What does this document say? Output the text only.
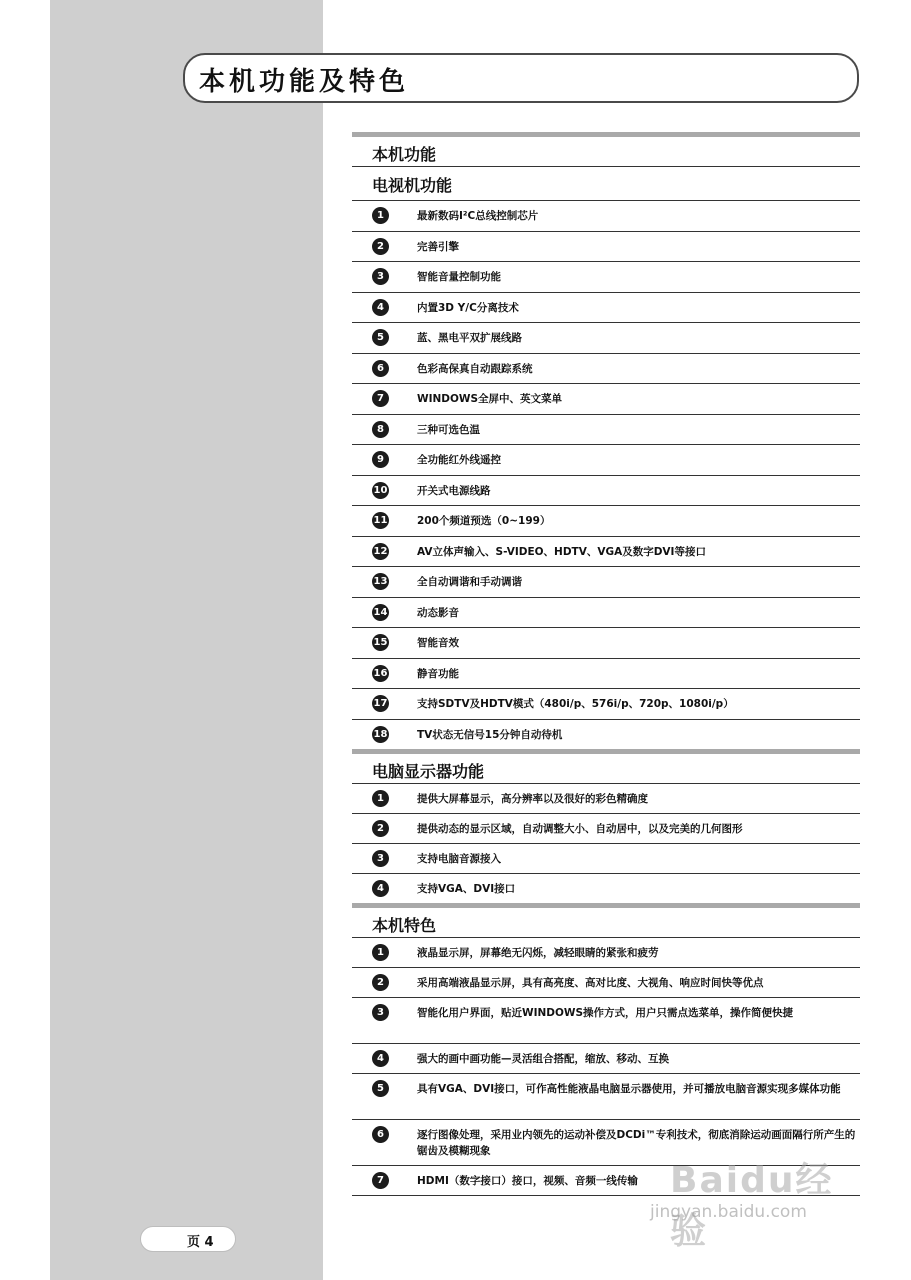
本机功能及特色
本机功能
电视机功能
1	最新数码I²C总线控制芯片
2	完善引擎
3	智能音量控制功能
4	内置3D Y/C分离技术
5	蓝、黑电平双扩展线路
6	色彩高保真自动跟踪系统
7	WINDOWS全屏中、英文菜单
8	三种可选色温
9	全功能红外线遥控
10	开关式电源线路
11	200个频道预选（0~199）
12	AV立体声输入、S-VIDEO、HDTV、VGA及数字DVI等接口
13	全自动调谐和手动调谐
14	动态影音
15	智能音效
16	静音功能
17	支持SDTV及HDTV模式（480i/p、576i/p、720p、1080i/p）
18	TV状态无信号15分钟自动待机
电脑显示器功能
1	提供大屏幕显示，高分辨率以及很好的彩色精确度
2	提供动态的显示区域，自动调整大小、自动居中，以及完美的几何图形
3	支持电脑音源接入
4	支持VGA、DVI接口
本机特色
1	液晶显示屏，屏幕绝无闪烁，减轻眼睛的紧张和疲劳
2	采用高端液晶显示屏，具有高亮度、高对比度、大视角、响应时间快等优点
3	智能化用户界面，贴近WINDOWS操作方式，用户只需点选菜单，操作简便快捷
4	强大的画中画功能—灵活组合搭配，缩放、移动、互换
5	具有VGA、DVI接口，可作高性能液晶电脑显示器使用，并可播放电脑音源实现多媒体功能
6	逐行图像处理，采用业内领先的运动补偿及DCDi™专利技术，彻底消除运动画面隔行所产生的锯齿及模糊现象
7	HDMI（数字接口）接口，视频、音频一线传输
页 4
Baidu经验
jingyan.baidu.com
